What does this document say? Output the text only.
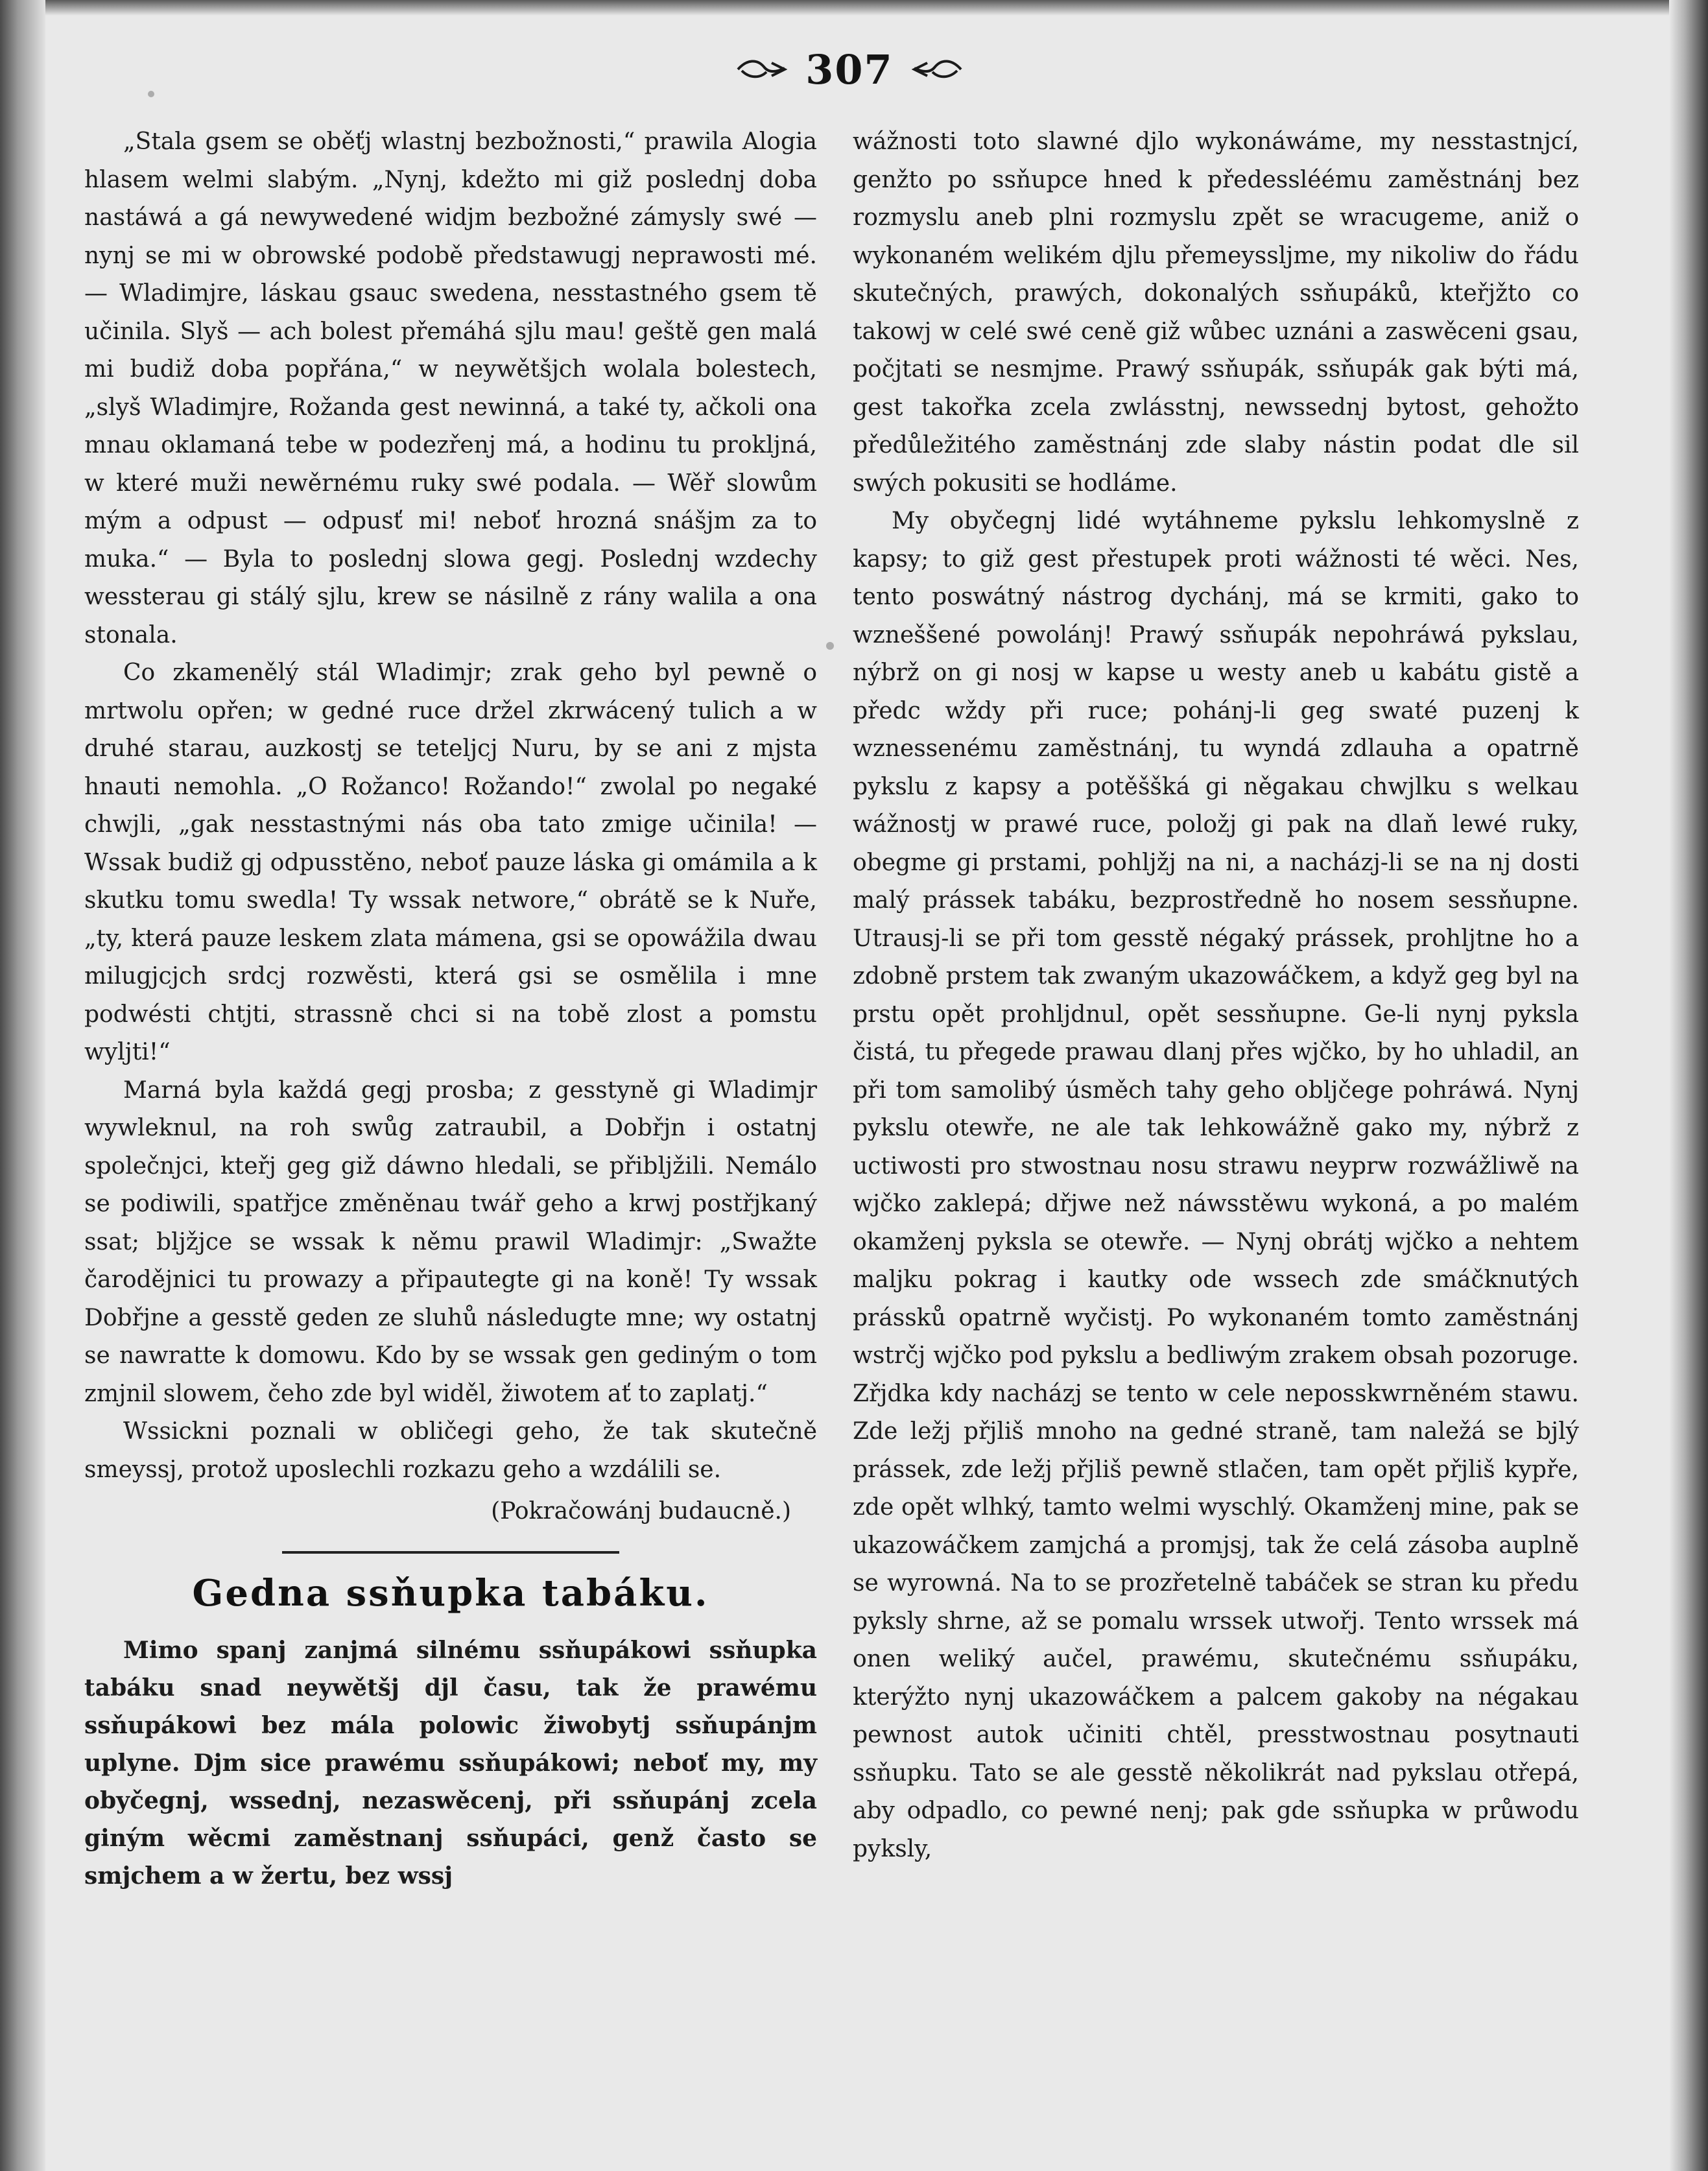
307

„Stala gsem se oběťj wlastnj bezbožnosti,“ prawila Alogia hlasem welmi slabým. „Nynj, kdežto mi giž poslednj doba nastáwá a gá newywedené widjm bezbožné zámysly swé — nynj se mi w obrowské podobě předstawugj neprawosti mé. — Wladimjre, láskau gsauc swedena, nesstastného gsem tě učinila. Slyš — ach bolest přemáhá sjlu mau! geště gen malá mi budiž doba popřána,“ w neywětšjch wolala bolestech, „slyš Wladimjre, Rožanda gest newinná, a také ty, ačkoli ona mnau oklamaná tebe w podezřenj má, a hodinu tu prokljná, w které muži newěrnému ruky swé podala. — Wěř slowům mým a odpust — odpusť mi! neboť hrozná snášjm za to muka.“ — Byla to poslednj slowa gegj. Poslednj wzdechy wessterau gi stálý sjlu, krew se násilně z rány walila a ona stonala.

Co zkamenělý stál Wladimjr; zrak geho byl pewně o mrtwolu opřen; w gedné ruce držel zkrwácený tulich a w druhé starau, auzkostj se teteljcj Nuru, by se ani z mjsta hnauti nemohla. „O Rožanco! Rožando!“ zwolal po negaké chwjli, „gak nesstastnými nás oba tato zmige učinila! — Wssak budiž gj odpusstěno, neboť pauze láska gi omámila a k skutku tomu swedla! Ty wssak networe,“ obrátě se k Nuře, „ty, která pauze leskem zlata mámena, gsi se opowážila dwau milugjcjch srdcj rozwěsti, která gsi se osmělila i mne podwésti chtjti, strassně chci si na tobě zlost a pomstu wyljti!“

Marná byla každá gegj prosba; z gesstyně gi Wladimjr wywleknul, na roh swůg zatraubil, a Dobřjn i ostatnj společnjci, kteřj geg giž dáwno hledali, se přibljžili. Nemálo se podiwili, spatřjce změněnau twář geho a krwj postřjkaný ssat; bljžjce se wssak k němu prawil Wladimjr: „Swažte čarodějnici tu prowazy a připautegte gi na koně! Ty wssak Dobřjne a gesstě geden ze sluhů následugte mne; wy ostatnj se nawratte k domowu. Kdo by se wssak gen gediným o tom zmjnil slowem, čeho zde byl widěl, žiwotem ať to zaplatj.“

Wssickni poznali w obličegi geho, že tak skutečně smeyssj, protož uposlechli rozkazu geho a wzdálili se.

(Pokračowánj budaucně.)
Gedna ssňupka tabáku.

Mimo spanj zanjmá silnému ssňupákowi ssňupka tabáku snad neywětšj djl času, tak že prawému ssňupákowi bez mála polowic žiwobytj ssňupánjm uplyne. Djm sice prawému ssňupákowi; neboť my, my obyčegnj, wssednj, nezaswěcenj, při ssňupánj zcela giným wěcmi zaměstnanj ssňupáci, genž často se smjchem a w žertu, bez wssj

wážnosti toto slawné djlo wykonáwáme, my nesstastnjcí, genžto po ssňupce hned k předessléému zaměstnánj bez rozmyslu aneb plni rozmyslu zpět se wracugeme, aniž o wykonaném welikém djlu přemeyssljme, my nikoliw do řádu skutečných, prawých, dokonalých ssňupáků, kteřjžto co takowj w celé swé ceně giž wůbec uznáni a zaswěceni gsau, počjtati se nesmjme. Prawý ssňupák, ssňupák gak býti má, gest takořka zcela zwlásstnj, newssednj bytost, gehožto předůležitého zaměstnánj zde slaby nástin podat dle sil swých pokusiti se hodláme.

My obyčegnj lidé wytáhneme pykslu lehkomyslně z kapsy; to giž gest přestupek proti wážnosti té wěci. Nes, tento poswátný nástrog dychánj, má se krmiti, gako to wzneššené powolánj! Prawý ssňupák nepohráwá pykslau, nýbrž on gi nosj w kapse u westy aneb u kabátu gistě a předc wždy při ruce; pohánj-li geg swaté puzenj k wznessenému zaměstnánj, tu wyndá zdlauha a opatrně pykslu z kapsy a potěššká gi něgakau chwjlku s welkau wážnostj w prawé ruce, položj gi pak na dlaň lewé ruky, obegme gi prstami, pohljžj na ni, a nacházj-li se na nj dosti malý prássek tabáku, bezprostředně ho nosem sessňupne. Utrausj-li se při tom gesstě négaký prássek, prohljtne ho a zdobně prstem tak zwaným ukazowáčkem, a když geg byl na prstu opět prohljdnul, opět sessňupne. Ge-li nynj pyksla čistá, tu přegede prawau dlanj přes wjčko, by ho uhladil, an při tom samolibý úsměch tahy geho obljčege pohráwá. Nynj pykslu otewře, ne ale tak lehkowážně gako my, nýbrž z uctiwosti pro stwostnau nosu strawu neyprw rozwážliwě na wjčko zaklepá; dřjwe než náwsstěwu wykoná, a po malém okamženj pyksla se otewře. — Nynj obrátj wjčko a nehtem malјku pokrag i kautky ode wssech zde smáčknutých prássků opatrně wyčistj. Po wykonaném tomto zaměstnánj wstrčj wjčko pod pykslu a bedliwým zrakem obsah pozoruge. Zřjdka kdy nacházj se tento w cele neposskwrněném stawu. Zde ležj přjliš mnoho na gedné straně, tam naležá se bjlý prássek, zde ležj přjliš pewně stlačen, tam opět přjliš kypře, zde opět wlhký, tamto welmi wyschlý. Okamženj mine, pak se ukazowáčkem zamjchá a promjsj, tak že celá zásoba auplně se wyrowná. Na to se prozřetelně tabáček se stran ku předu pyksly shrne, až se pomalu wrssek utwořj. Tento wrssek má onen weliký aučel, prawému, skutečnému ssňupáku, kterýžto nynj ukazowáčkem a palcem gakoby na négakau pewnost autok učiniti chtěl, presstwostnau posytnauti ssňupku. Tato se ale gesstě několikrát nad pykslau otřepá, aby odpadlo, co pewné nenj; pak gde ssňupka w průwodu pyksly,
